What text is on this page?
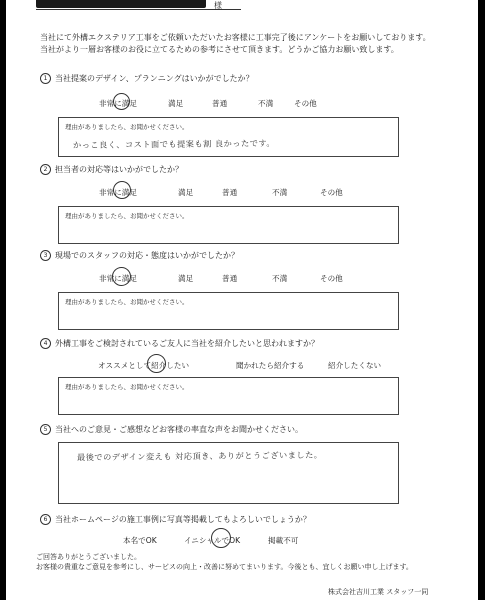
様
当社にて外構エクステリア工事をご依頼いただいたお客様に工事完了後にアンケートをお願いしております。
当社がより一層お客様のお役に立てるための参考にさせて頂きます。どうかご協力お願い致します。
1 当社提案のデザイン、プランニングはいかがでしたか？
非常に満足	満足	普通	不満	その他
理由がありましたら、お聞かせください。
かっこ良く、コスト面でも提案も割 良かったです。
2 担当者の対応等はいかがでしたか？
非常に満足	満足	普通	不満	その他
理由がありましたら、お聞かせください。
3 現場でのスタッフの対応・態度はいかがでしたか？
非常に満足	満足	普通	不満	その他
理由がありましたら、お聞かせください。
4 外構工事をご検討されているご友人に当社を紹介したいと思われますか？
オススメとして紹介したい	聞かれたら紹介する	紹介したくない
理由がありましたら、お聞かせください。
5 当社へのご意見・ご感想などお客様の率直な声をお聞かせください。
最後でのデザイン変えも 対応頂き、ありがとうございました。
6 当社ホームページの施工事例に写真等掲載してもよろしいでしょうか？
本名でOK	イニシャルでOK	掲載不可
ご回答ありがとうございました。
お客様の貴重なご意見を参考にし、サービスの向上・改善に努めてまいります。今後とも、宜しくお願い申し上げます。
株式会社吉川工業 スタッフ一同
